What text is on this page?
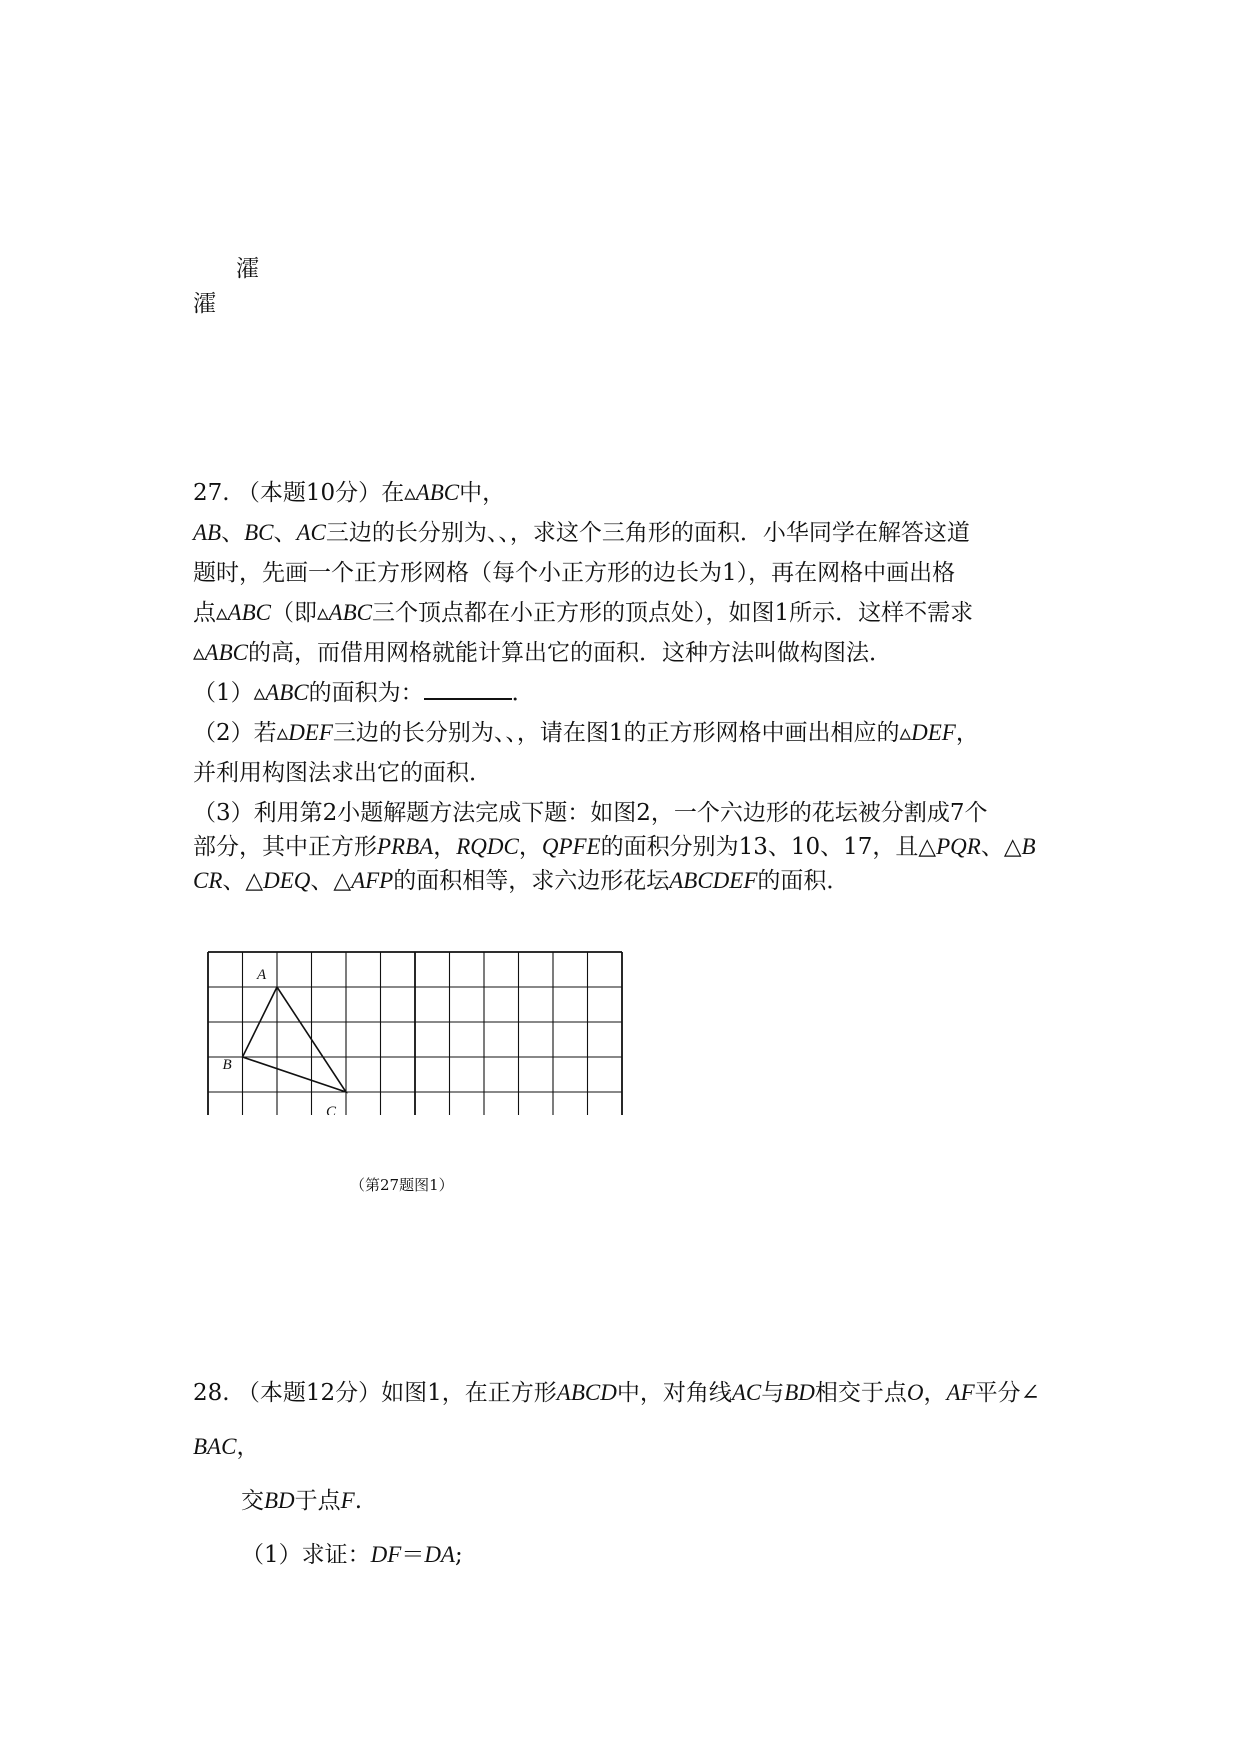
瀖
瀖
27. （本题10分）在▵ABC中，
AB、BC、AC三边的长分别为、、，求这个三角形的面积．小华同学在解答这道
题时，先画一个正方形网格（每个小正方形的边长为1），再在网格中画出格
点▵ABC（即▵ABC三个顶点都在小正方形的顶点处），如图1所示．这样不需求
▵ABC的高，而借用网格就能计算出它的面积．这种方法叫做构图法．
（1）▵ABC的面积为：	．
（2）若▵DEF三边的长分别为、、，请在图1的正方形网格中画出相应的▵DEF，
并利用构图法求出它的面积．
（3）利用第2小题解题方法完成下题：如图2，一个六边形的花坛被分割成7个
部分，其中正方形PRBA，RQDC，QPFE的面积分别为13、10、17，且△PQR、△B
CR、△DEQ、△AFP的面积相等，求六边形花坛ABCDEF的面积．
A
B
C
（第27题图1）
28. （本题12分）如图1，在正方形ABCD中，对角线AC与BD相交于点O，AF平分∠
BAC，
交BD于点F.
（1）求证：DF＝DA;
